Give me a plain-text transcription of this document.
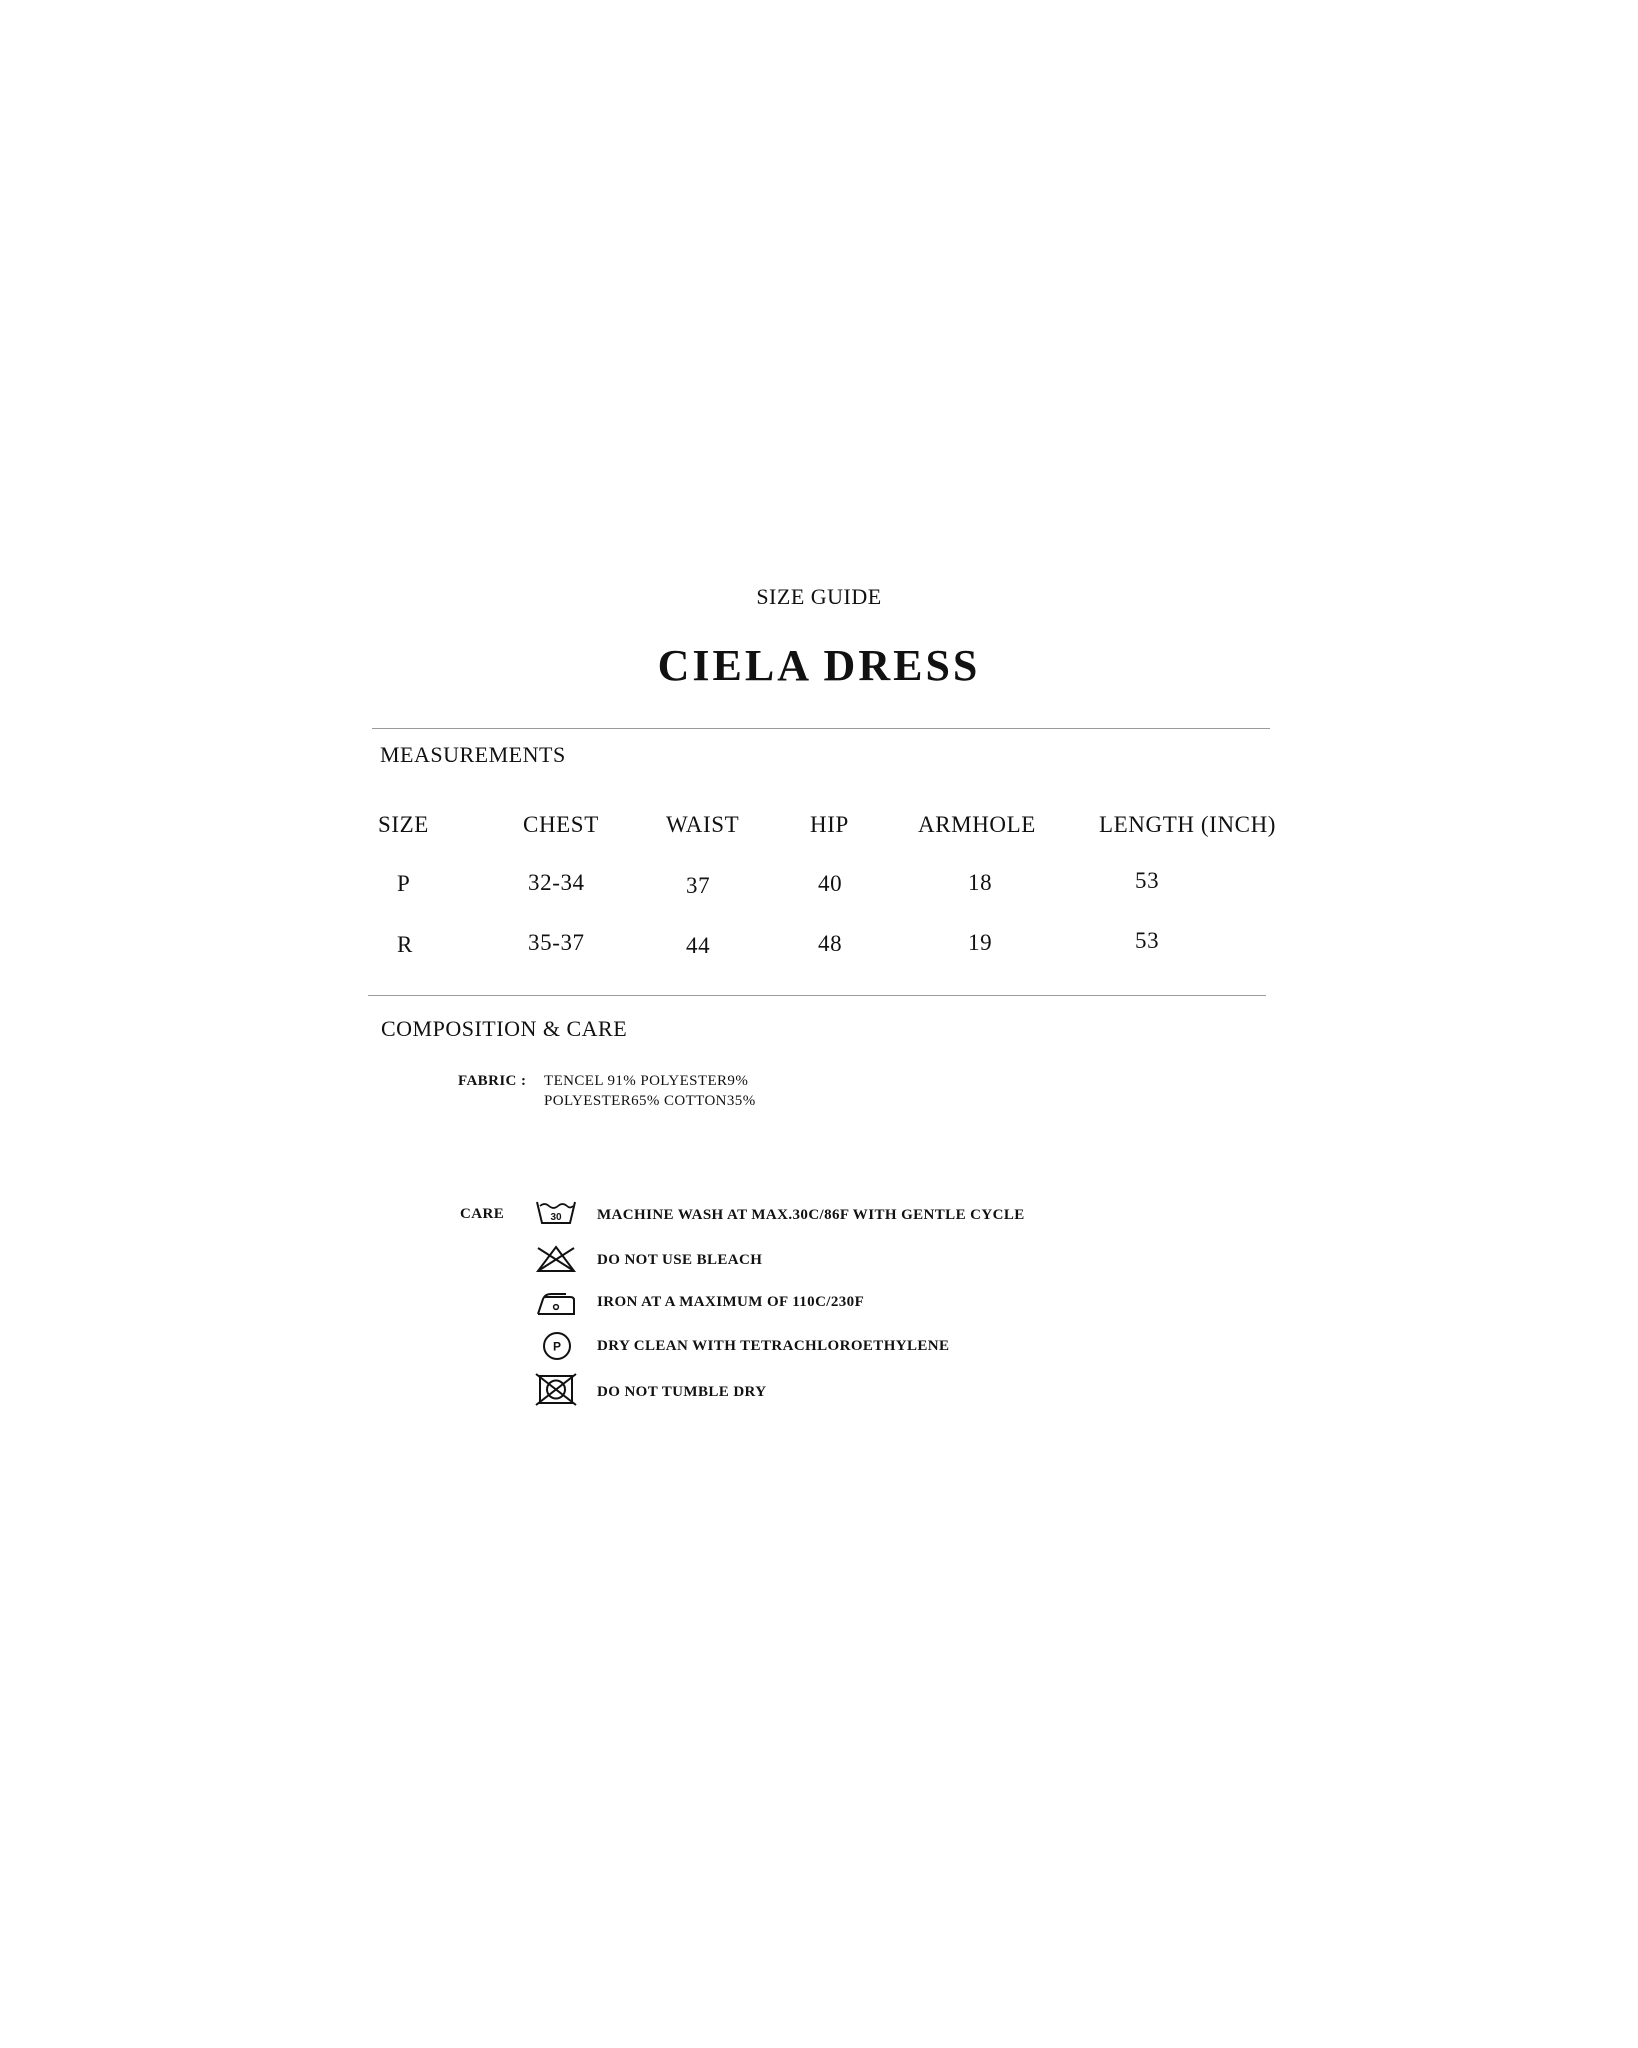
SIZE GUIDE
CIELA DRESS
MEASUREMENTS
SIZE	CHEST	WAIST	HIP	ARMHOLE	LENGTH (INCH)
P	32-34	37	40	18	53
R	35-37	44	48	19	53
COMPOSITION & CARE
FABRIC : TENCEL 91% POLYESTER9%
POLYESTER65% COTTON35%
CARE	30 MACHINE WASH AT MAX.30C/86F WITH GENTLE CYCLE
DO NOT USE BLEACH
IRON AT A MAXIMUM OF 110C/230F
P DRY CLEAN WITH TETRACHLOROETHYLENE
DO NOT TUMBLE DRY
